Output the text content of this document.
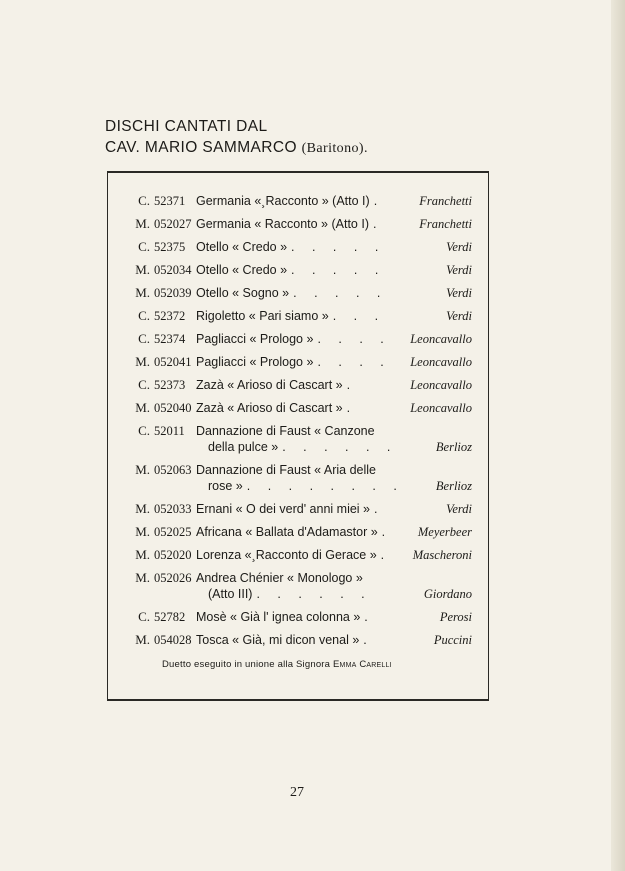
DISCHI CANTATI DAL
CAV. MARIO SAMMARCO (Baritono).
C. 52371 Germania «¸Racconto » (Atto I) .	Franchetti
M. 052027 Germania « Racconto » (Atto I) .	Franchetti
C. 52375 Otello « Credo » . . . . .	Verdi
M. 052034 Otello « Credo » . . . . .	Verdi
M. 052039 Otello « Sogno » . . . . .	Verdi
C. 52372 Rigoletto « Pari siamo » . . .	Verdi
C. 52374 Pagliacci « Prologo » . . . .	Leoncavallo
M. 052041 Pagliacci « Prologo » . . . .	Leoncavallo
C. 52373 Zazà « Arioso di Cascart » .	Leoncavallo
M. 052040 Zazà « Arioso di Cascart » .	Leoncavallo
C. 52011 Dannazione di Faust « Canzone
della pulce » . . . . . .	Berlioz
M. 052063 Dannazione di Faust « Aria delle
rose » . . . . . . . .	Berlioz
M. 052033 Ernani « O dei verd' anni miei » .	Verdi
M. 052025 Africana « Ballata d'Adamastor » .	Meyerbeer
M. 052020 Lorenza «¸Racconto di Gerace » .	Mascheroni
M. 052026 Andrea Chénier « Monologo »
(Atto III) . . . . . .	Giordano
C. 52782 Mosè « Già l' ignea colonna » .	Perosi
M. 054028 Tosca « Già, mi dicon venal » .	Puccini
Duetto eseguito in unione alla Signora Emma Carelli
27
